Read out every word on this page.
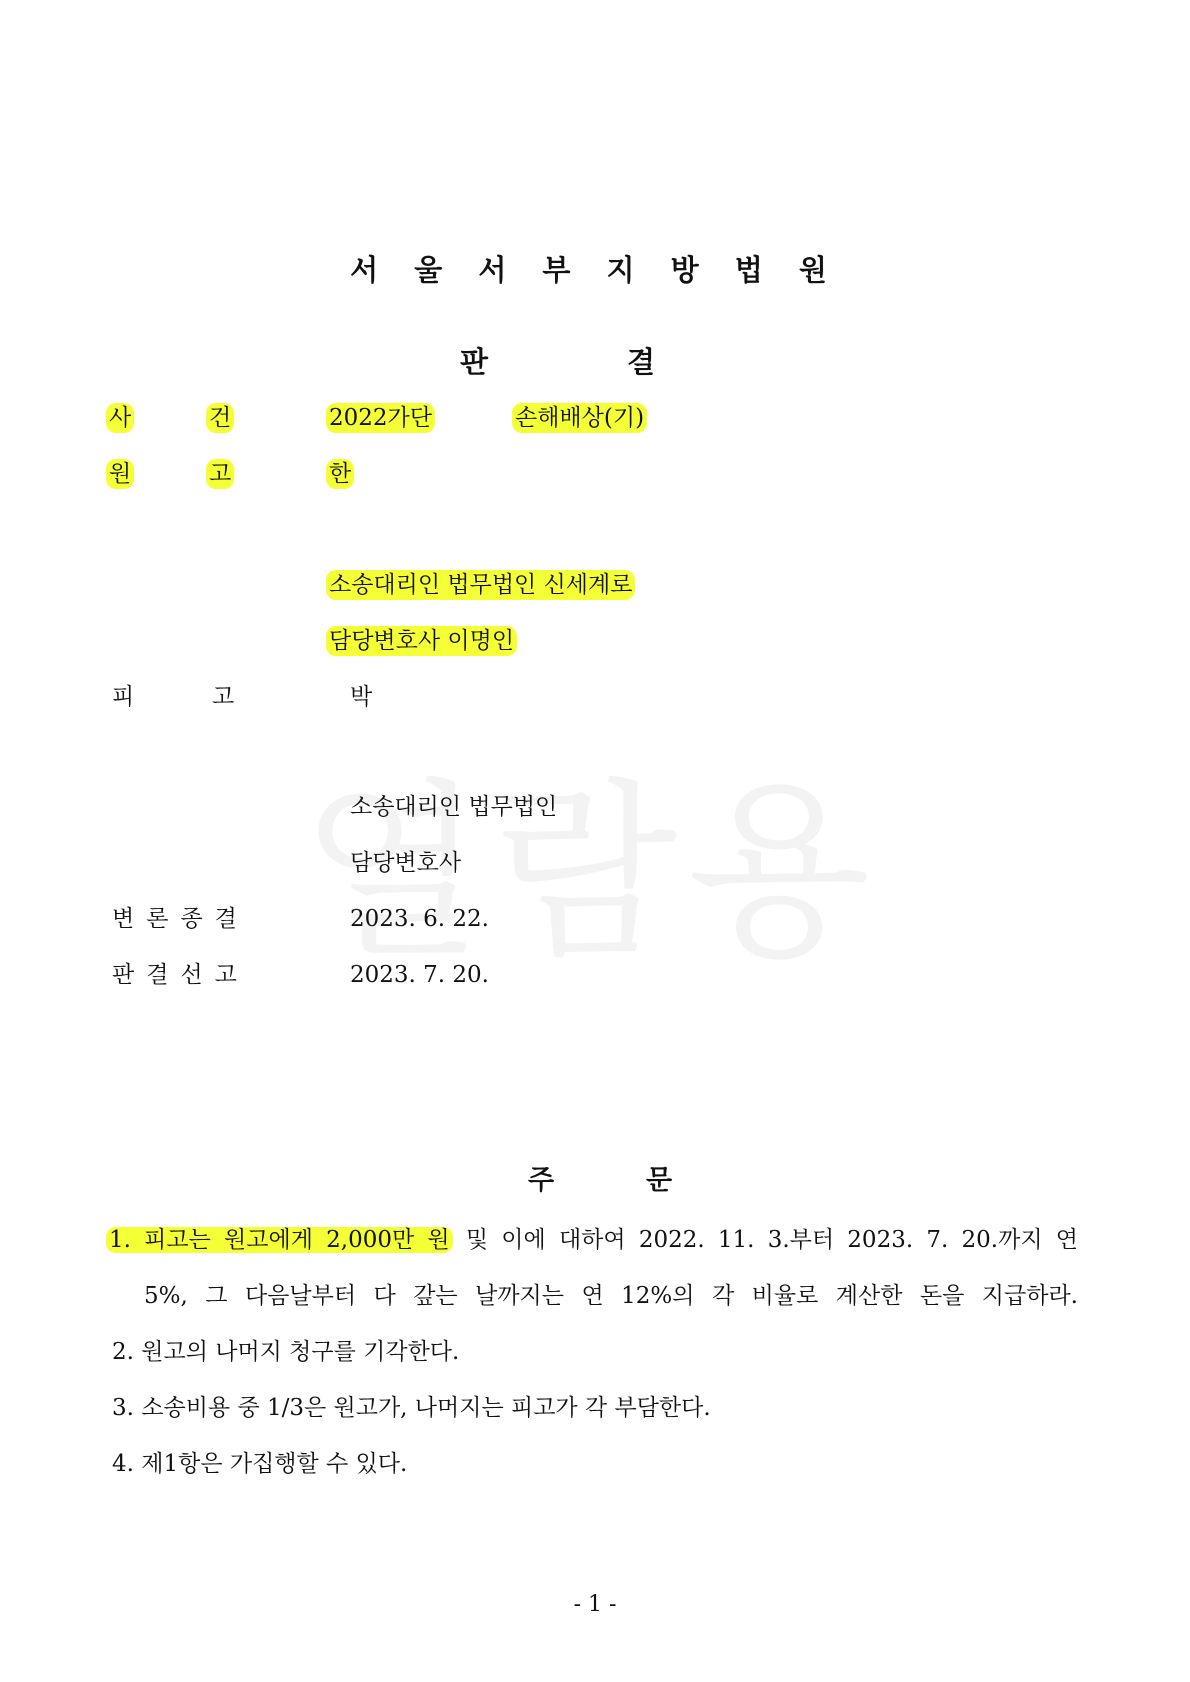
서 울 서 부 지 방 법 원
판	결
사	건	2022가단	손해배상(기)
원	고	한
소송대리인 법무법인 신세계로
담당변호사 이명인
피	고	박
소송대리인 법무법인
담당변호사
변론종결	2023. 6. 22.
판결선고	2023. 7. 20.
주	문
1. 피고는 원고에게 2,000만 원 및 이에 대하여 2022. 11. 3.부터 2023. 7. 20.까지 연
5%, 그 다음날부터 다 갚는 날까지는 연 12%의 각 비율로 계산한 돈을 지급하라.
2. 원고의 나머지 청구를 기각한다.
3. 소송비용 중 1/3은 원고가, 나머지는 피고가 각 부담한다.
4. 제1항은 가집행할 수 있다.
- 1 -
